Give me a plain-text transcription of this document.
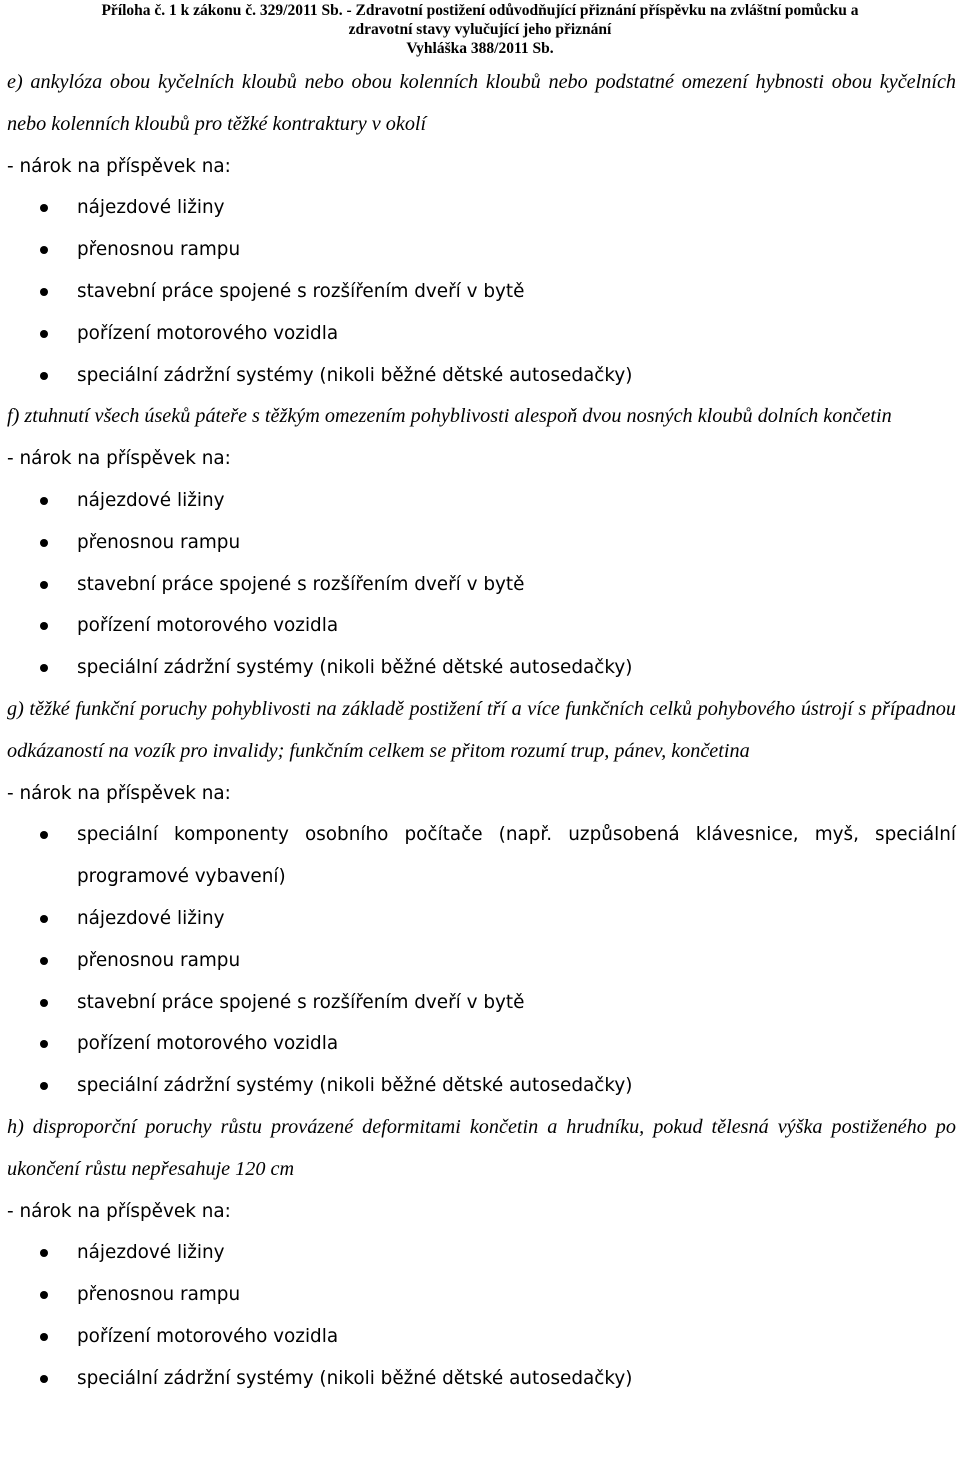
Příloha č. 1 k zákonu č. 329/2011 Sb. - Zdravotní postižení odůvodňující přiznání příspěvku na zvláštní pomůcku a
zdravotní stavy vylučující jeho přiznání
Vyhláška 388/2011 Sb.

e) ankylóza obou kyčelních kloubů nebo obou kolenních kloubů nebo podstatné omezení hybnosti obou kyčelních nebo kolenních kloubů pro těžké kontraktury v okolí

- nárok na příspěvek na:

nájezdové ližiny
přenosnou rampu
stavební práce spojené s rozšířením dveří v bytě
pořízení motorového vozidla
speciální zádržní systémy (nikoli běžné dětské autosedačky)

f) ztuhnutí všech úseků páteře s těžkým omezením pohyblivosti alespoň dvou nosných kloubů dolních končetin

- nárok na příspěvek na:

nájezdové ližiny
přenosnou rampu
stavební práce spojené s rozšířením dveří v bytě
pořízení motorového vozidla
speciální zádržní systémy (nikoli běžné dětské autosedačky)

g) těžké funkční poruchy pohyblivosti na základě postižení tří a více funkčních celků pohybového ústrojí s případnou odkázaností na vozík pro invalidy; funkčním celkem se přitom rozumí trup, pánev, končetina

- nárok na příspěvek na:

speciální komponenty osobního počítače (např. uzpůsobená klávesnice, myš, speciální programové vybavení)
nájezdové ližiny
přenosnou rampu
stavební práce spojené s rozšířením dveří v bytě
pořízení motorového vozidla
speciální zádržní systémy (nikoli běžné dětské autosedačky)

h) disproporční poruchy růstu provázené deformitami končetin a hrudníku, pokud tělesná výška postiženého po ukončení růstu nepřesahuje 120 cm

- nárok na příspěvek na:

nájezdové ližiny
přenosnou rampu
pořízení motorového vozidla
speciální zádržní systémy (nikoli běžné dětské autosedačky)
